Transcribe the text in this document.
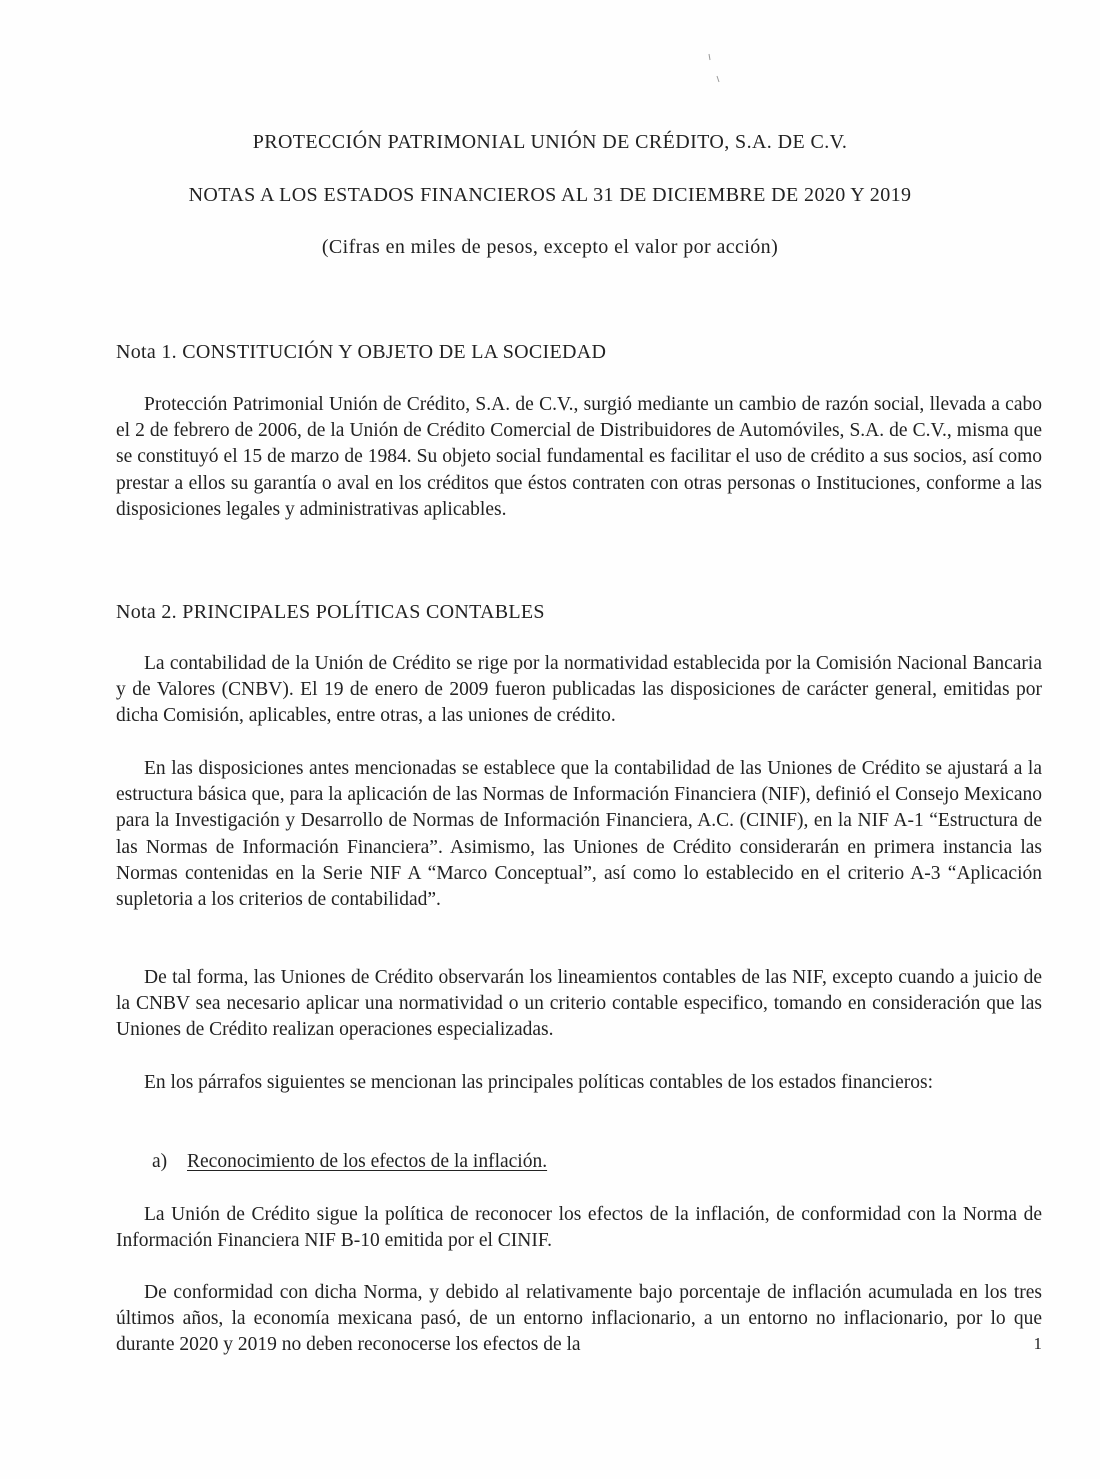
PROTECCIÓN PATRIMONIAL UNIÓN DE CRÉDITO, S.A. DE C.V.
NOTAS A LOS ESTADOS FINANCIEROS AL 31 DE DICIEMBRE DE 2020 Y 2019
(Cifras en miles de pesos, excepto el valor por acción)
Nota 1. CONSTITUCIÓN Y OBJETO DE LA SOCIEDAD
Protección Patrimonial Unión de Crédito, S.A. de C.V., surgió mediante un cambio de razón social, llevada a cabo el 2 de febrero de 2006, de la Unión de Crédito Comercial de Distribuidores de Automóviles, S.A. de C.V., misma que se constituyó el 15 de marzo de 1984. Su objeto social fundamental es facilitar el uso de crédito a sus socios, así como prestar a ellos su garantía o aval en los créditos que éstos contraten con otras personas o Instituciones, conforme a las disposiciones legales y administrativas aplicables.
Nota 2. PRINCIPALES POLÍTICAS CONTABLES
La contabilidad de la Unión de Crédito se rige por la normatividad establecida por la Comisión Nacional Bancaria y de Valores (CNBV). El 19 de enero de 2009 fueron publicadas las disposiciones de carácter general, emitidas por dicha Comisión, aplicables, entre otras, a las uniones de crédito.
En las disposiciones antes mencionadas se establece que la contabilidad de las Uniones de Crédito se ajustará a la estructura básica que, para la aplicación de las Normas de Información Financiera (NIF), definió el Consejo Mexicano para la Investigación y Desarrollo de Normas de Información Financiera, A.C. (CINIF), en la NIF A-1 “Estructura de las Normas de Información Financiera”. Asimismo, las Uniones de Crédito considerarán en primera instancia las Normas contenidas en la Serie NIF A “Marco Conceptual”, así como lo establecido en el criterio A-3 “Aplicación supletoria a los criterios de contabilidad”.
De tal forma, las Uniones de Crédito observarán los lineamientos contables de las NIF, excepto cuando a juicio de la CNBV sea necesario aplicar una normatividad o un criterio contable especifico, tomando en consideración que las Uniones de Crédito realizan operaciones especializadas.
En los párrafos siguientes se mencionan las principales políticas contables de los estados financieros:
a) Reconocimiento de los efectos de la inflación.
La Unión de Crédito sigue la política de reconocer los efectos de la inflación, de conformidad con la Norma de Información Financiera NIF B-10 emitida por el CINIF.
De conformidad con dicha Norma, y debido al relativamente bajo porcentaje de inflación acumulada en los tres últimos años, la economía mexicana pasó, de un entorno inflacionario, a un entorno no inflacionario, por lo que durante 2020 y 2019 no deben reconocerse los efectos de la	1
